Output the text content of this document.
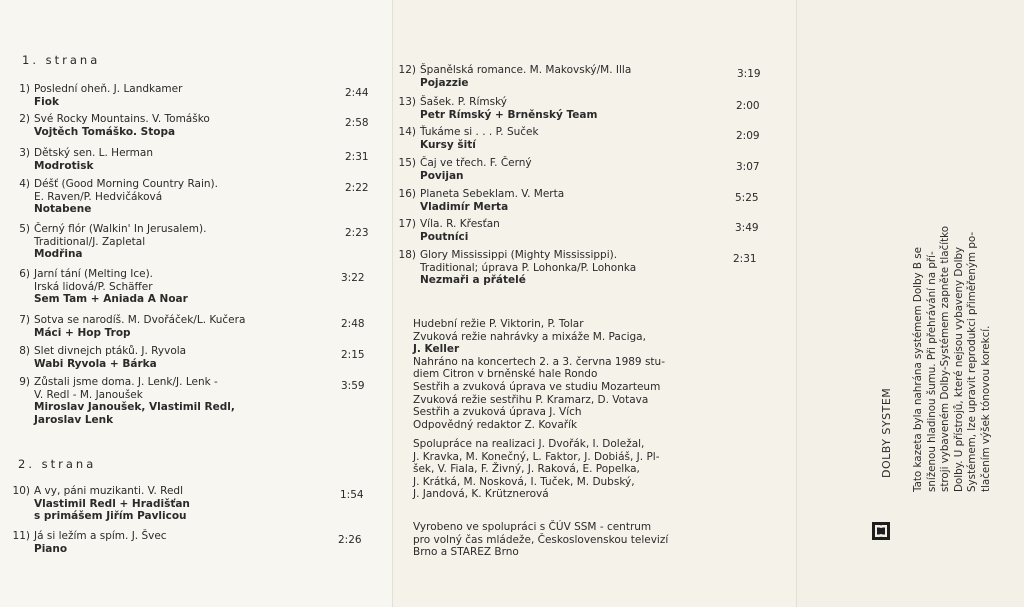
1. strana
2. strana
1) Poslední oheň. J. Landkamer
Fiok
2:44
2) Své Rocky Mountains. V. Tomáško
Vojtěch Tomáško. Stopa
2:58
3) Dětský sen. L. Herman
Modrotisk
2:31
4) Déšť (Good Morning Country Rain).
E. Raven/P. Hedvičáková
Notabene
2:22
5) Černý flór (Walkin' In Jerusalem).
Traditional/J. Zapletal
Modřina
2:23
6) Jarní tání (Melting Ice).
Irská lidová/P. Schäffer
Sem Tam + Aniada A Noar
3:22
7) Sotva se narodíš. M. Dvořáček/L. Kučera
Máci + Hop Trop
2:48
8) Slet divnejch ptáků. J. Ryvola
Wabi Ryvola + Bárka
2:15
9) Zůstali jsme doma. J. Lenk/J. Lenk -
V. Redl - M. Janoušek
Miroslav Janoušek, Vlastimil Redl,
Jaroslav Lenk
3:59
10) A vy, páni muzikanti. V. Redl
Vlastimil Redl + Hradišťan
s primášem Jiřím Pavlicou
1:54
11) Já si ležím a spím. J. Švec
Piano
2:26
12) Španělská romance. M. Makovský/M. Illa
Pojazzie
3:19
13) Šašek. P. Rímský
Petr Rímský + Brněnský Team
2:00
14) Ťukáme si . . . P. Suček
Kursy šití
2:09
15) Čaj ve třech. F. Černý
Povijan
3:07
16) Planeta Sebeklam. V. Merta
Vladimír Merta
5:25
17) Víla. R. Křesťan
Poutníci
3:49
18) Glory Mississippi (Mighty Mississippi).
Traditional; úprava P. Lohonka/P. Lohonka
Nezmaři a přátelé
2:31
Hudební režie P. Viktorin, P. Tolar
Zvuková režie nahrávky a mixáže M. Paciga,
J. Keller
Nahráno na koncertech 2. a 3. června 1989 stu-
diem Citron v brněnské hale Rondo
Sestřih a zvuková úprava ve studiu Mozarteum
Zvuková režie sestřihu P. Kramarz, D. Votava
Sestřih a zvuková úprava J. Vích
Odpovědný redaktor Z. Kovařík
Spolupráce na realizaci J. Dvořák, I. Doležal,
J. Kravka, M. Konečný, L. Faktor, J. Dobiáš, J. Pl-
šek, V. Fiala, F. Živný, J. Raková, E. Popelka,
J. Krátká, M. Nosková, I. Tuček, M. Dubský,
J. Jandová, K. Krütznerová
Vyrobeno ve spolupráci s ČÚV SSM - centrum
pro volný čas mládeže, Československou televizí
Brno a STAREZ Brno
DOLBY SYSTEM Tato kazeta byla nahrána systémem Dolby B se sníženou hladinou šumu. Při přehrávání na pří- stroji vybaveném Dolby-Systémem zapněte tlačítko Dolby. U přístrojů, které nejsou vybaveny Dolby Systémem, lze upravit reprodukci přiměřeným po- tlačením výšek tónovou korekcí.
